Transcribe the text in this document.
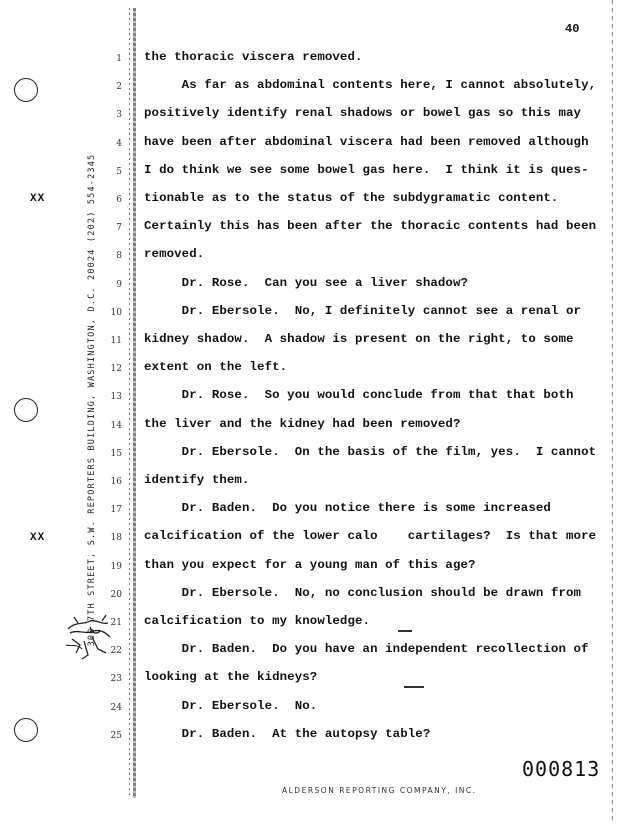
XX
XX	300 7TH STREET, S.W. REPORTERS BUILDING, WASHINGTON, D.C. 20024 (202) 554-2345
40
1 the thoracic viscera removed.
2 As far as abdominal contents here, I cannot absolutely,
3 positively identify renal shadows or bowel gas so this may
4 have been after abdominal viscera had been removed although
5 I do think we see some bowel gas here.  I think it is ques-
6 tionable as to the status of the subdygramatic content.
7 Certainly this has been after the thoracic contents had been
8 removed.
9 Dr. Rose.  Can you see a liver shadow?
10 Dr. Ebersole.  No, I definitely cannot see a renal or
11 kidney shadow.  A shadow is present on the right, to some
12 extent on the left.
13 Dr. Rose.  So you would conclude from that that both
14 the liver and the kidney had been removed?
15 Dr. Ebersole.  On the basis of the film, yes.  I cannot
16 identify them.
17 Dr. Baden.  Do you notice there is some increased
18 calcification of the lower calo    cartilages?  Is that more
19 than you expect for a young man of this age?
20 Dr. Ebersole.  No, no conclusion should be drawn from
21 calcification to my knowledge.
22 Dr. Baden.  Do you have an independent recollection of
23 looking at the kidneys?
24 Dr. Ebersole.  No.
25 Dr. Baden.  At the autopsy table?
000813
ALDERSON REPORTING COMPANY, INC.
